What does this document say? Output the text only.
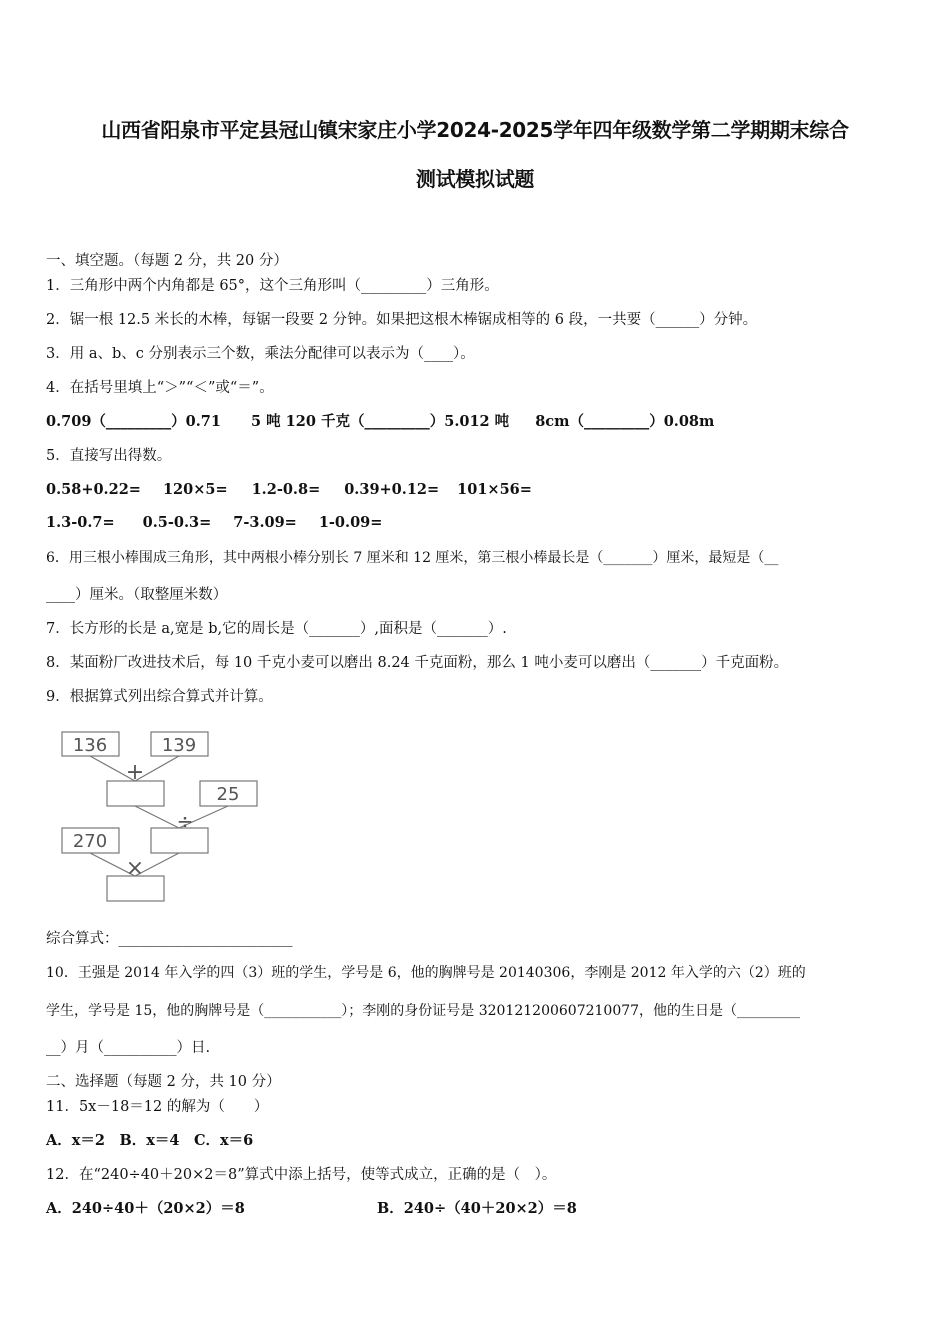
山西省阳泉市平定县冠山镇宋家庄小学2024-2025学年四年级数学第二学期期末综合
测试模拟试题
一、填空题。（每题 2 分，共 20 分）
1．三角形中两个内角都是 65°，这个三角形叫（_________）三角形。
2．锯一根 12.5 米长的木棒，每锯一段要 2 分钟。如果把这根木棒锯成相等的 6 段，一共要（______）分钟。
3．用 a、b、c 分别表示三个数，乘法分配律可以表示为（____）。
4．在括号里填上“＞”“＜”或“＝”。
0.709（_________）0.71 5 吨 120 千克（_________）5.012 吨 8cm（_________）0.08m
5．直接写出得数。
0.58+0.22= 120×5= 1.2-0.8= 0.39+0.12= 101×56=
1.3-0.7= 0.5-0.3= 7-3.09= 1-0.09=
6．用三根小棒围成三角形，其中两根小棒分别长 7 厘米和 12 厘米，第三根小棒最长是（_______）厘米，最短是（__
____）厘米。（取整厘米数）
7．长方形的长是 a,宽是 b,它的周长是（_______）,面积是（_______）.
8．某面粉厂改进技术后，每 10 千克小麦可以磨出 8.24 千克面粉，那么 1 吨小麦可以磨出（_______）千克面粉。
9．根据算式列出综合算式并计算。
136	139
25
270
+
÷
×
综合算式：________________________
10．王强是 2014 年入学的四（3）班的学生，学号是 6，他的胸牌号是 20140306，李刚是 2012 年入学的六（2）班的
学生，学号是 15，他的胸牌号是（___________）；李刚的身份证号是 320121200607210077，他的生日是（_________
__）月（__________）日.
二、选择题（每题 2 分，共 10 分）
11．5x－18＝12 的解为（　　）
A．x＝2　B．x＝4　C．x＝6
12．在“240÷40＋20×2＝8”算式中添上括号，使等式成立，正确的是（　）。
A．240÷40＋（20×2）＝8	B．240÷（40＋20×2）＝8
